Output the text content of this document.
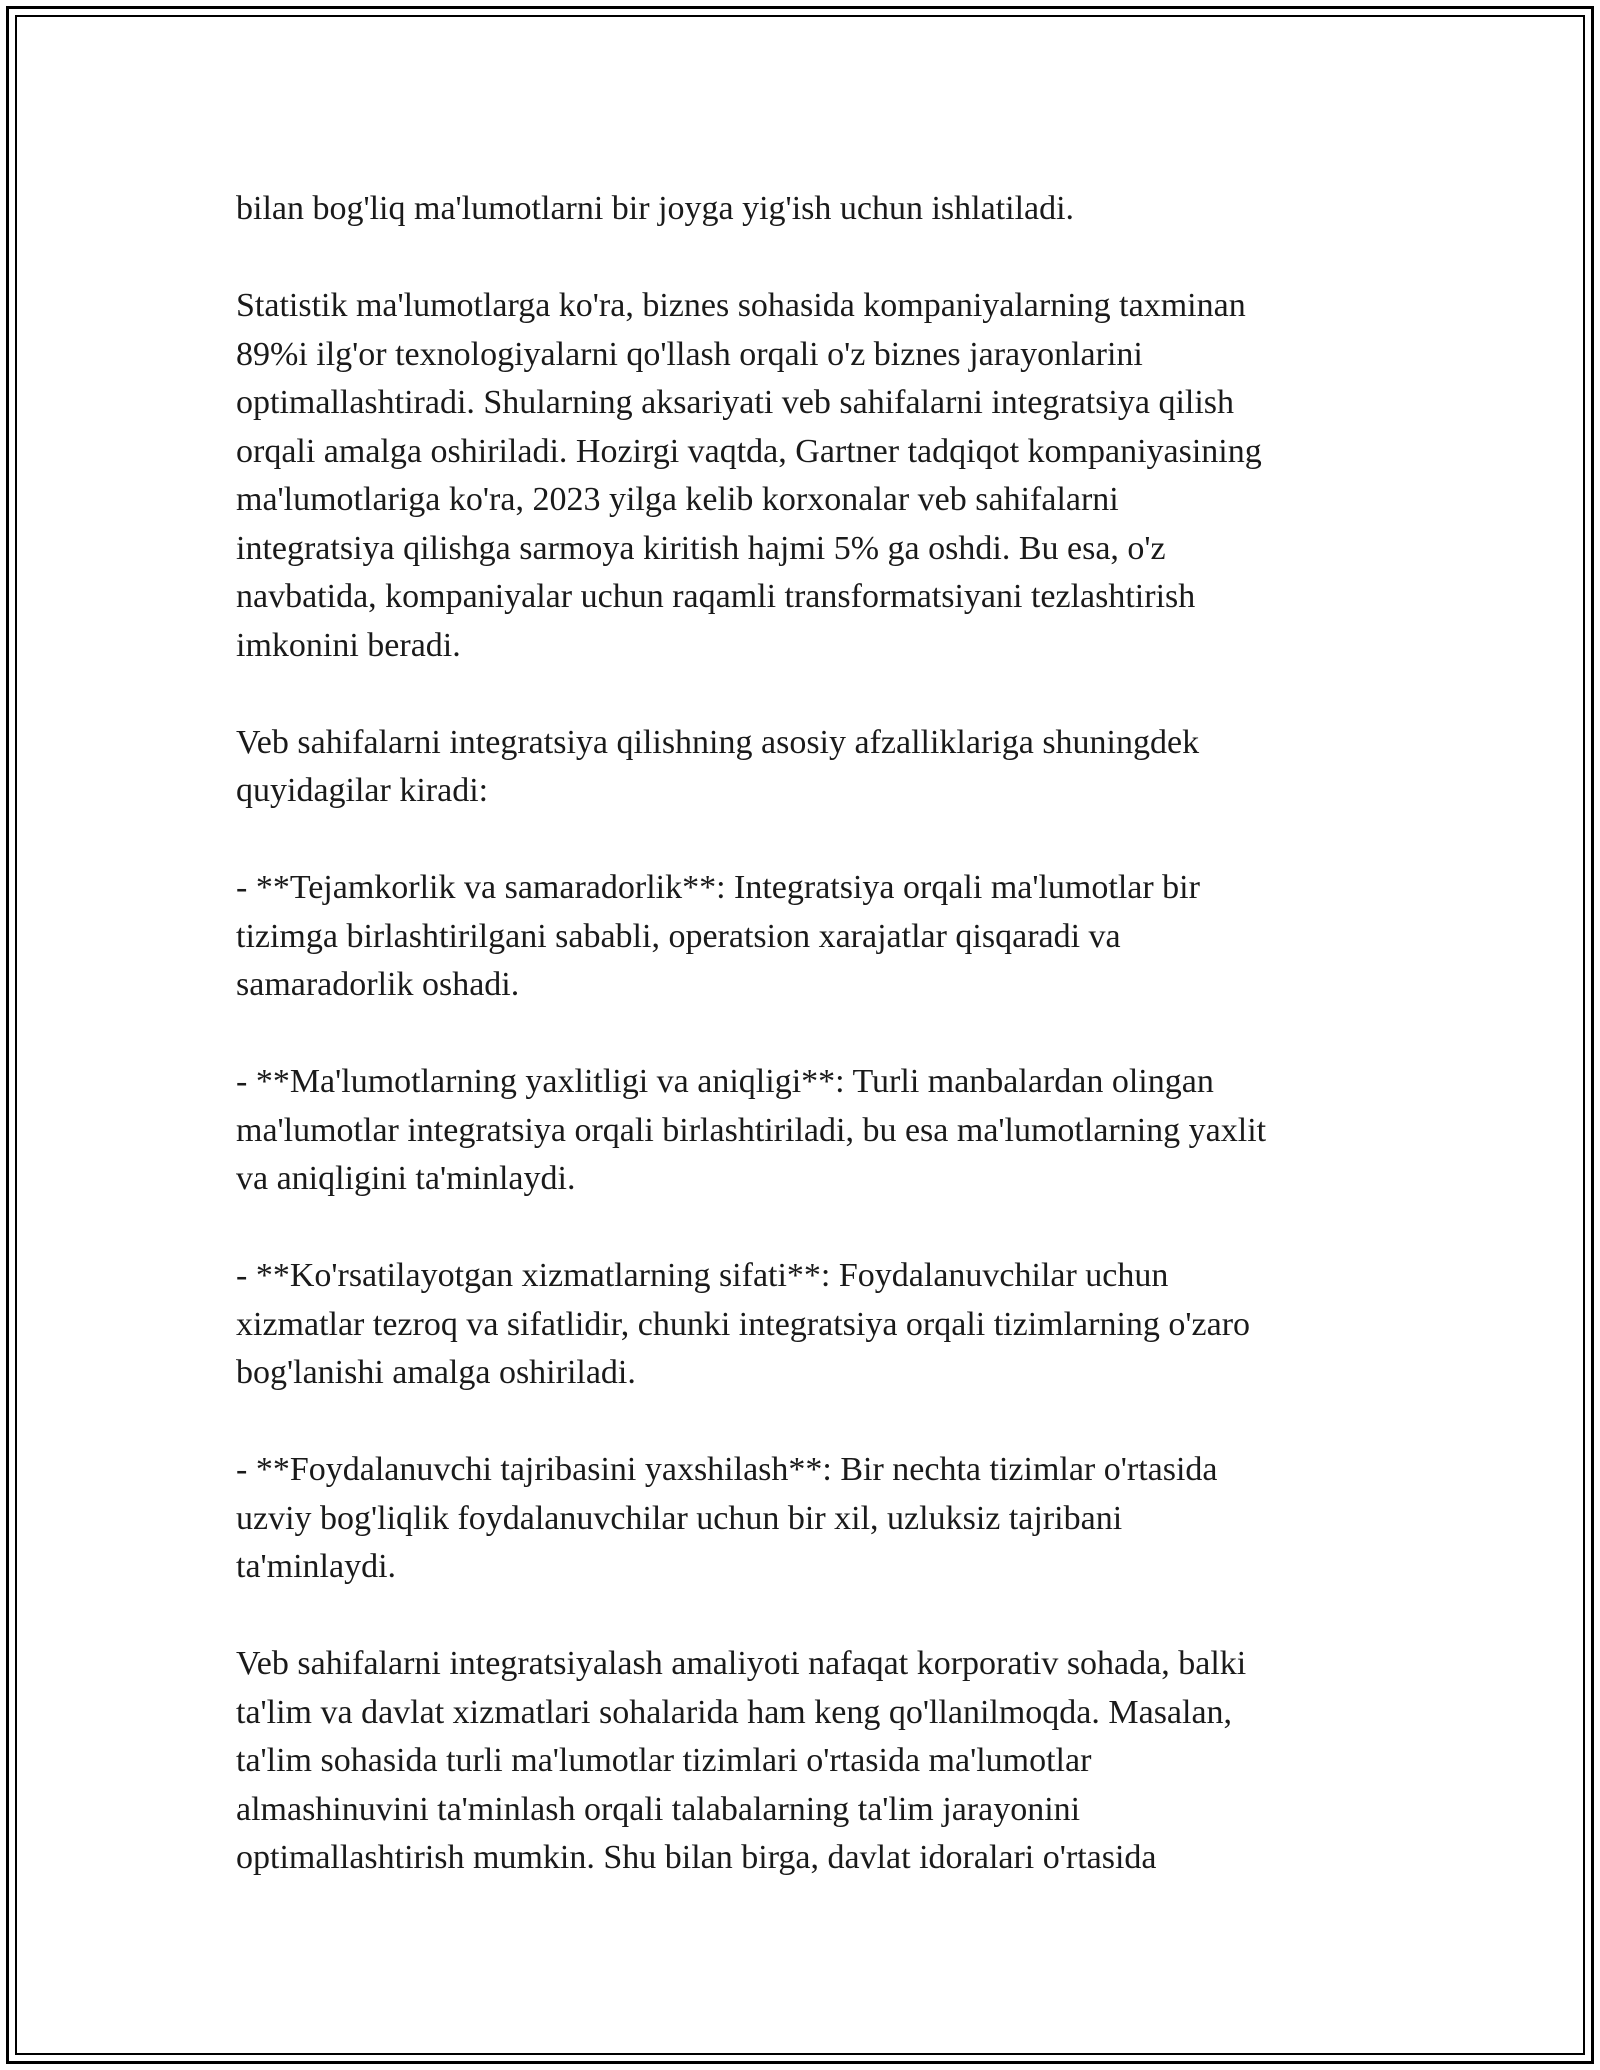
bilan bog'liq ma'lumotlarni bir joyga yig'ish uchun ishlatiladi.

Statistik ma'lumotlarga ko'ra, biznes sohasida kompaniyalarning taxminan
89%i ilg'or texnologiyalarni qo'llash orqali o'z biznes jarayonlarini
optimallashtiradi. Shularning aksariyati veb sahifalarni integratsiya qilish
orqali amalga oshiriladi. Hozirgi vaqtda, Gartner tadqiqot kompaniyasining
ma'lumotlariga ko'ra, 2023 yilga kelib korxonalar veb sahifalarni
integratsiya qilishga sarmoya kiritish hajmi 5% ga oshdi. Bu esa, o'z
navbatida, kompaniyalar uchun raqamli transformatsiyani tezlashtirish
imkonini beradi.

Veb sahifalarni integratsiya qilishning asosiy afzalliklariga shuningdek
quyidagilar kiradi:

- **Tejamkorlik va samaradorlik**: Integratsiya orqali ma'lumotlar bir
tizimga birlashtirilgani sababli, operatsion xarajatlar qisqaradi va
samaradorlik oshadi.

- **Ma'lumotlarning yaxlitligi va aniqligi**: Turli manbalardan olingan
ma'lumotlar integratsiya orqali birlashtiriladi, bu esa ma'lumotlarning yaxlit
va aniqligini ta'minlaydi.

- **Ko'rsatilayotgan xizmatlarning sifati**: Foydalanuvchilar uchun
xizmatlar tezroq va sifatlidir, chunki integratsiya orqali tizimlarning o'zaro
bog'lanishi amalga oshiriladi.

- **Foydalanuvchi tajribasini yaxshilash**: Bir nechta tizimlar o'rtasida
uzviy bog'liqlik foydalanuvchilar uchun bir xil, uzluksiz tajribani
ta'minlaydi.

Veb sahifalarni integratsiyalash amaliyoti nafaqat korporativ sohada, balki
ta'lim va davlat xizmatlari sohalarida ham keng qo'llanilmoqda. Masalan,
ta'lim sohasida turli ma'lumotlar tizimlari o'rtasida ma'lumotlar
almashinuvini ta'minlash orqali talabalarning ta'lim jarayonini
optimallashtirish mumkin. Shu bilan birga, davlat idoralari o'rtasida
